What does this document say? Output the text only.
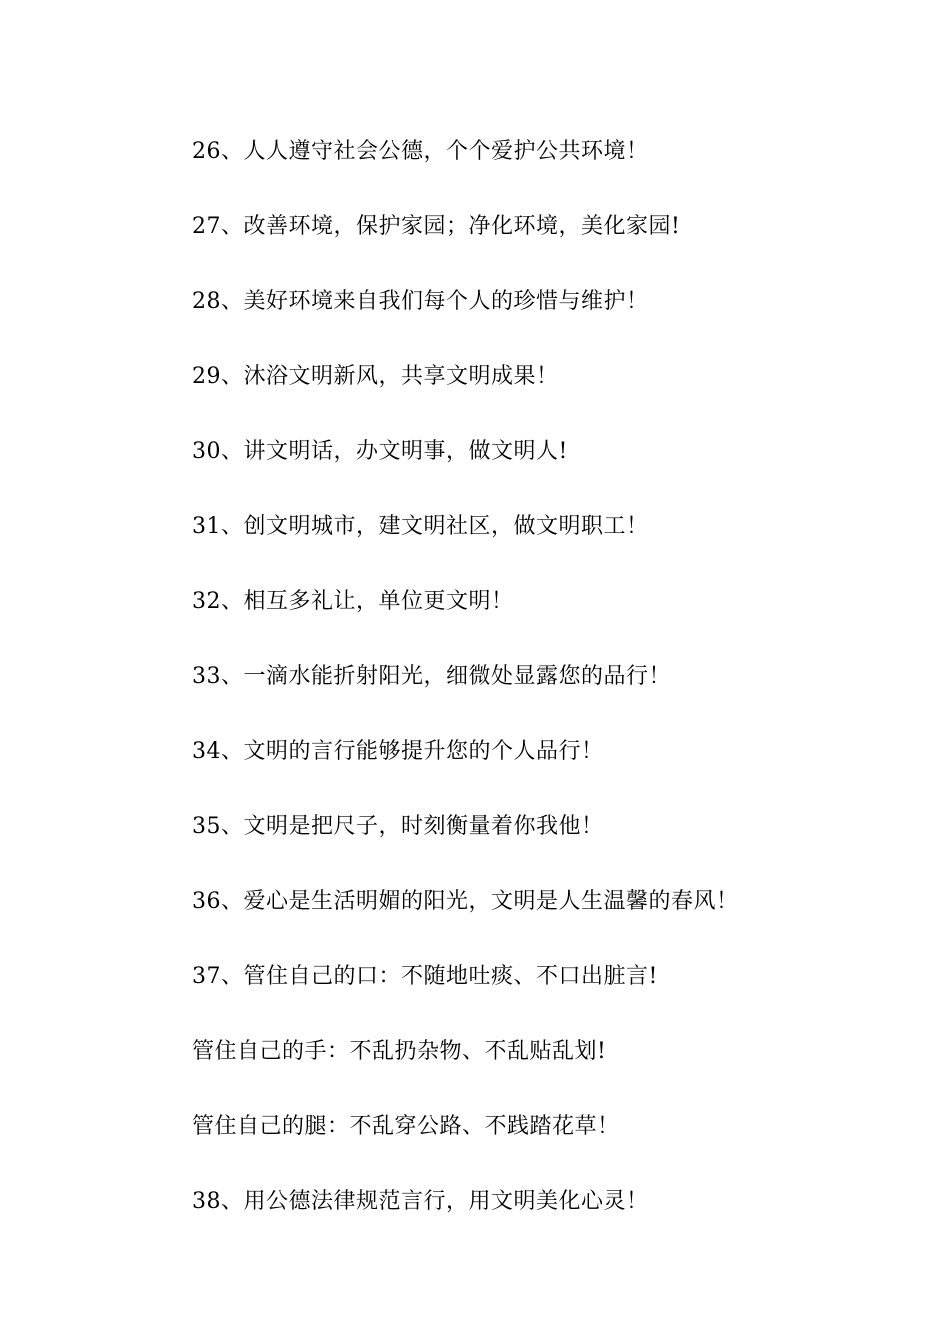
26、人人遵守社会公德，个个爱护公共环境！
27、改善环境，保护家园；净化环境，美化家园!
28、美好环境来自我们每个人的珍惜与维护！
29、沐浴文明新风，共享文明成果！
30、讲文明话，办文明事，做文明人!
31、创文明城市，建文明社区，做文明职工！
32、相互多礼让，单位更文明！
33、一滴水能折射阳光，细微处显露您的品行！
34、文明的言行能够提升您的个人品行！
35、文明是把尺子，时刻衡量着你我他！
36、爱心是生活明媚的阳光，文明是人生温馨的春风！
37、管住自己的口：不随地吐痰、不口出脏言!
管住自己的手：不乱扔杂物、不乱贴乱划!
管住自己的腿：不乱穿公路、不践踏花草！
38、用公德法律规范言行，用文明美化心灵！
